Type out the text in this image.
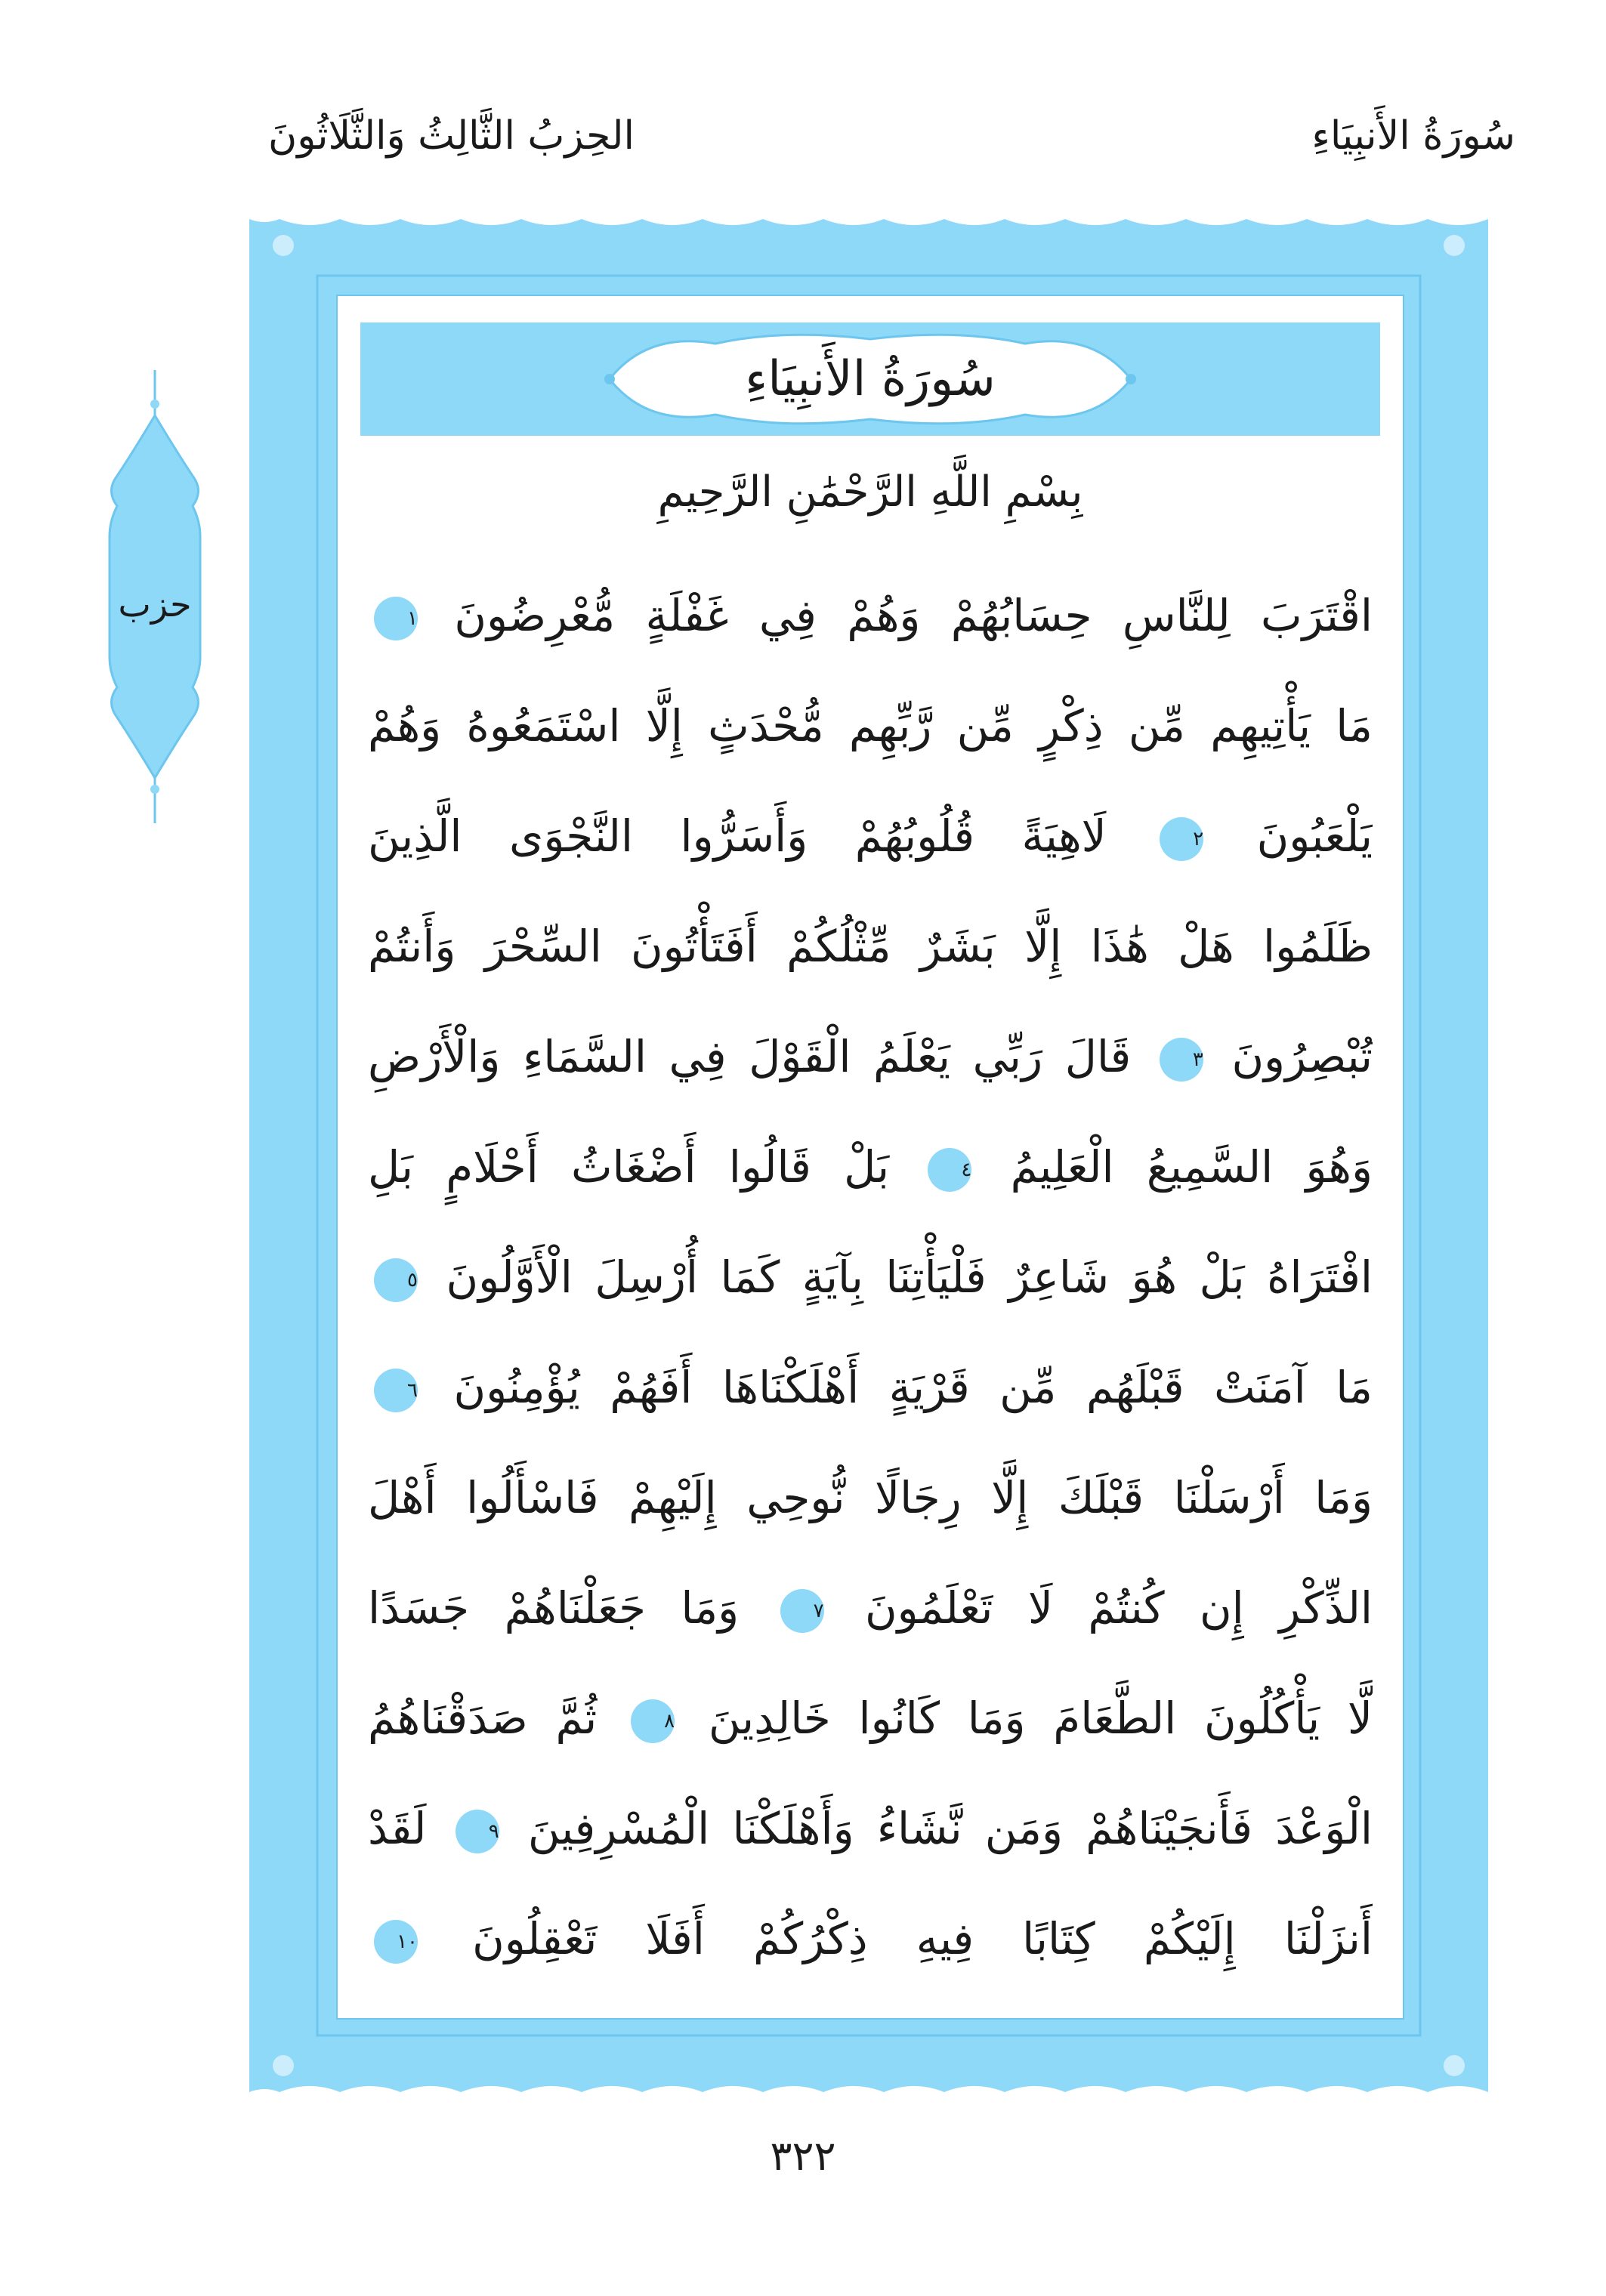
سُورَةُ الأَنبِيَاءِ
الحِزبُ الثَّالِثُ وَالثَّلَاثُونَ
سُورَةُ الأَنبِيَاءِ
بِسْمِ اللَّهِ الرَّحْمَٰنِ الرَّحِيمِ
اقْتَرَبَ لِلنَّاسِ حِسَابُهُمْ وَهُمْ فِي غَفْلَةٍ مُّعْرِضُونَ ١
مَا يَأْتِيهِم مِّن ذِكْرٍ مِّن رَّبِّهِم مُّحْدَثٍ إِلَّا اسْتَمَعُوهُ وَهُمْ
يَلْعَبُونَ ٢ لَاهِيَةً قُلُوبُهُمْ وَأَسَرُّوا النَّجْوَى الَّذِينَ
ظَلَمُوا هَلْ هَٰذَا إِلَّا بَشَرٌ مِّثْلُكُمْ أَفَتَأْتُونَ السِّحْرَ وَأَنتُمْ
تُبْصِرُونَ ٣ قَالَ رَبِّي يَعْلَمُ الْقَوْلَ فِي السَّمَاءِ وَالْأَرْضِ
وَهُوَ السَّمِيعُ الْعَلِيمُ ٤ بَلْ قَالُوا أَضْغَاثُ أَحْلَامٍ بَلِ
افْتَرَاهُ بَلْ هُوَ شَاعِرٌ فَلْيَأْتِنَا بِآيَةٍ كَمَا أُرْسِلَ الْأَوَّلُونَ ٥
مَا آمَنَتْ قَبْلَهُم مِّن قَرْيَةٍ أَهْلَكْنَاهَا أَفَهُمْ يُؤْمِنُونَ ٦
وَمَا أَرْسَلْنَا قَبْلَكَ إِلَّا رِجَالًا نُّوحِي إِلَيْهِمْ فَاسْأَلُوا أَهْلَ
الذِّكْرِ إِن كُنتُمْ لَا تَعْلَمُونَ ٧ وَمَا جَعَلْنَاهُمْ جَسَدًا
لَّا يَأْكُلُونَ الطَّعَامَ وَمَا كَانُوا خَالِدِينَ ٨ ثُمَّ صَدَقْنَاهُمُ
الْوَعْدَ فَأَنجَيْنَاهُمْ وَمَن نَّشَاءُ وَأَهْلَكْنَا الْمُسْرِفِينَ ٩ لَقَدْ
أَنزَلْنَا إِلَيْكُمْ كِتَابًا فِيهِ ذِكْرُكُمْ أَفَلَا تَعْقِلُونَ ١٠
حزب
٣٢٢
